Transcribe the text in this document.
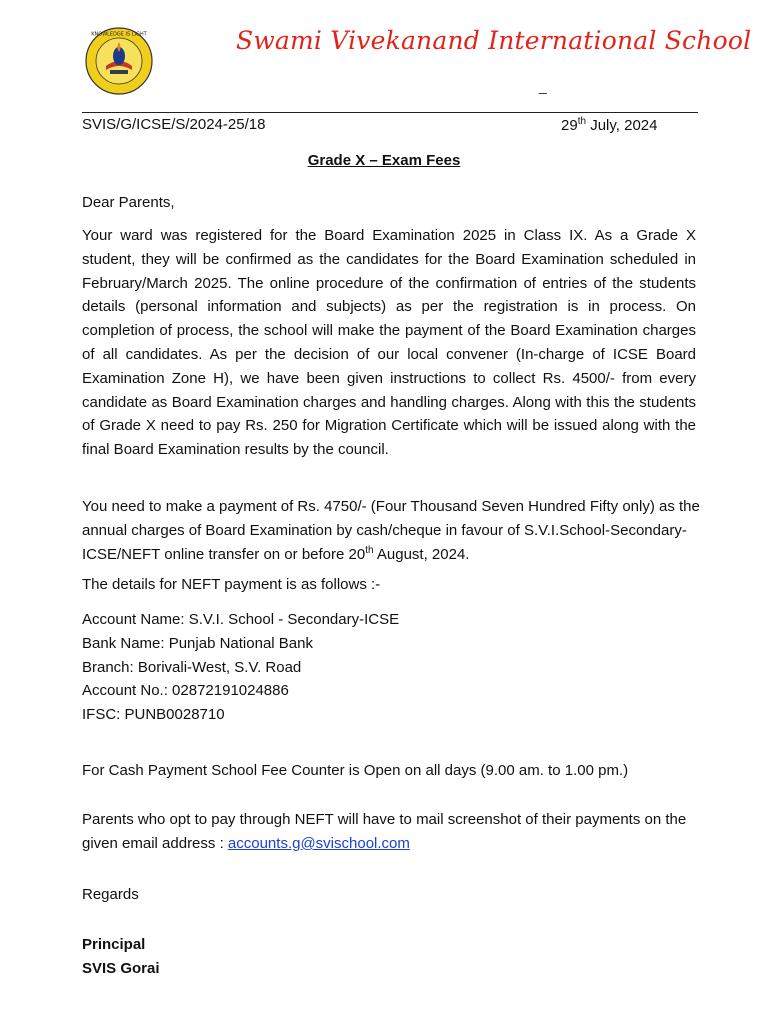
KNOWLEDGE IS LIGHT	Swami Vivekanand International School
_
SVIS/G/ICSE/S/2024-25/18	29th July, 2024
Grade X – Exam Fees
Dear Parents,

Your ward was registered for the Board Examination 2025 in Class IX. As a Grade X student, they will be confirmed as the candidates for the Board Examination scheduled in February/March 2025. The online procedure of the confirmation of entries of the students details (personal information and subjects) as per the registration is in process. On completion of process, the school will make the payment of the Board Examination charges of all candidates. As per the decision of our local convener (In-charge of ICSE Board Examination Zone H), we have been given instructions to collect Rs. 4500/- from every candidate as Board Examination charges and handling charges. Along with this the students of Grade X need to pay Rs. 250 for Migration Certificate which will be issued along with the final Board Examination results by the council.

You need to make a payment of Rs. 4750/- (Four Thousand Seven Hundred Fifty only) as the annual charges of Board Examination by cash/cheque in favour of S.V.I.School-Secondary-ICSE/NEFT online transfer on or before 20th August, 2024.

The details for NEFT payment is as follows :-
Account Name: S.V.I. School - Secondary-ICSE
Bank Name: Punjab National Bank
Branch: Borivali-West, S.V. Road
Account No.: 02872191024886
IFSC: PUNB0028710
For Cash Payment School Fee Counter is Open on all days (9.00 am. to 1.00 pm.)

Parents who opt to pay through NEFT will have to mail screenshot of their payments on the given email address : accounts.g@svischool.com

Regards
Principal
SVIS Gorai
